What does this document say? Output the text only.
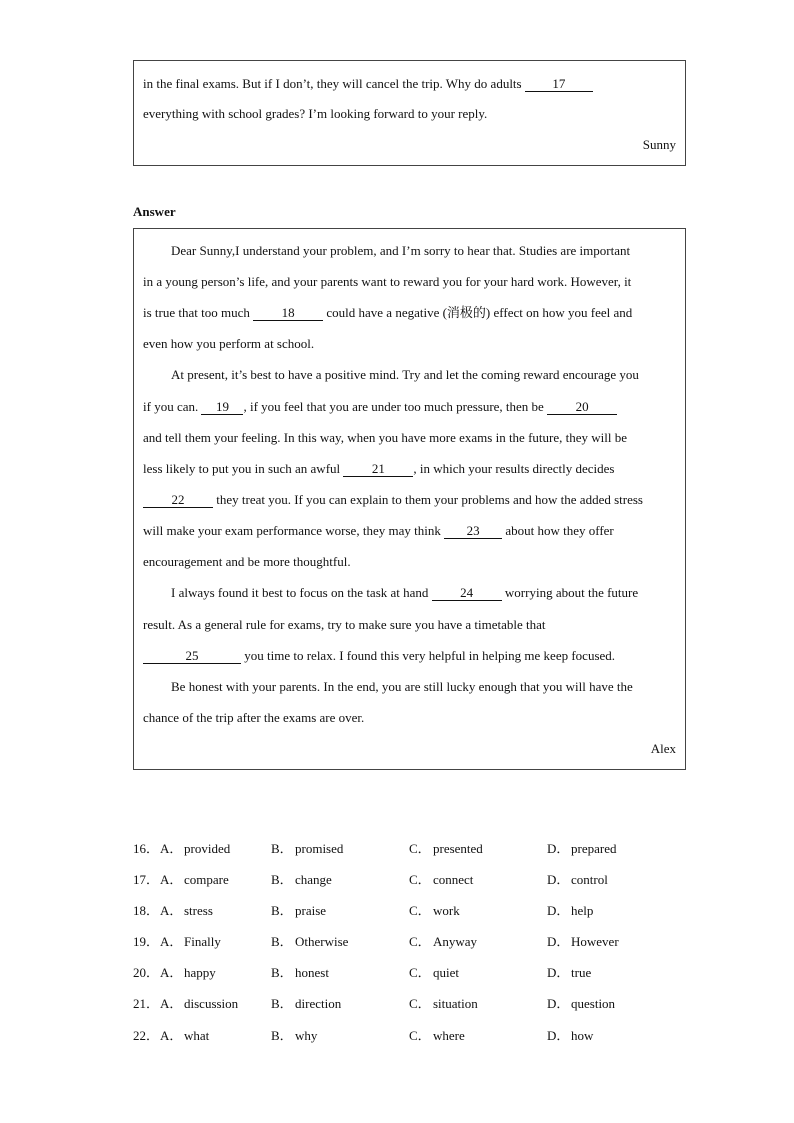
in the final exams. But if I don’t, they will cancel the trip. Why do adults 17
everything with school grades? I’m looking forward to your reply.
Sunny
Answer
Dear Sunny,I understand your problem, and I’m sorry to hear that. Studies are important
in a young person’s life, and your parents want to reward you for your hard work. However, it
is true that too much 18 could have a negative (消极的) effect on how you feel and
even how you perform at school.
At present, it’s best to have a positive mind. Try and let the coming reward encourage you
if you can. 19 , if you feel that you are under too much pressure, then be 20
and tell them your feeling. In this way, when you have more exams in the future, they will be
less likely to put you in such an awful 21 , in which your results directly decides
22 they treat you. If you can explain to them your problems and how the added stress
will make your exam performance worse, they may think 23 about how they offer
encouragement and be more thoughtful.
I always found it best to focus on the task at hand 24 worrying about the future
result. As a general rule for exams, try to make sure you have a timetable that
25	you time to relax. I found this very helpful in helping me keep focused.
Be honest with your parents. In the end, you are still lucky enough that you will have the
chance of the trip after the exams are over.
Alex
16． A． provided	B． promised	C． presented	D． prepared
17． A． compare	B． change	C． connect	D． control
18． A． stress	B． praise	C． work	D． help
19． A． Finally	B． Otherwise	C． Anyway	D． However
20． A． happy	B． honest	C． quiet	D． true
21． A． discussion	B． direction	C． situation	D． question
22． A． what	B． why	C． where	D． how
